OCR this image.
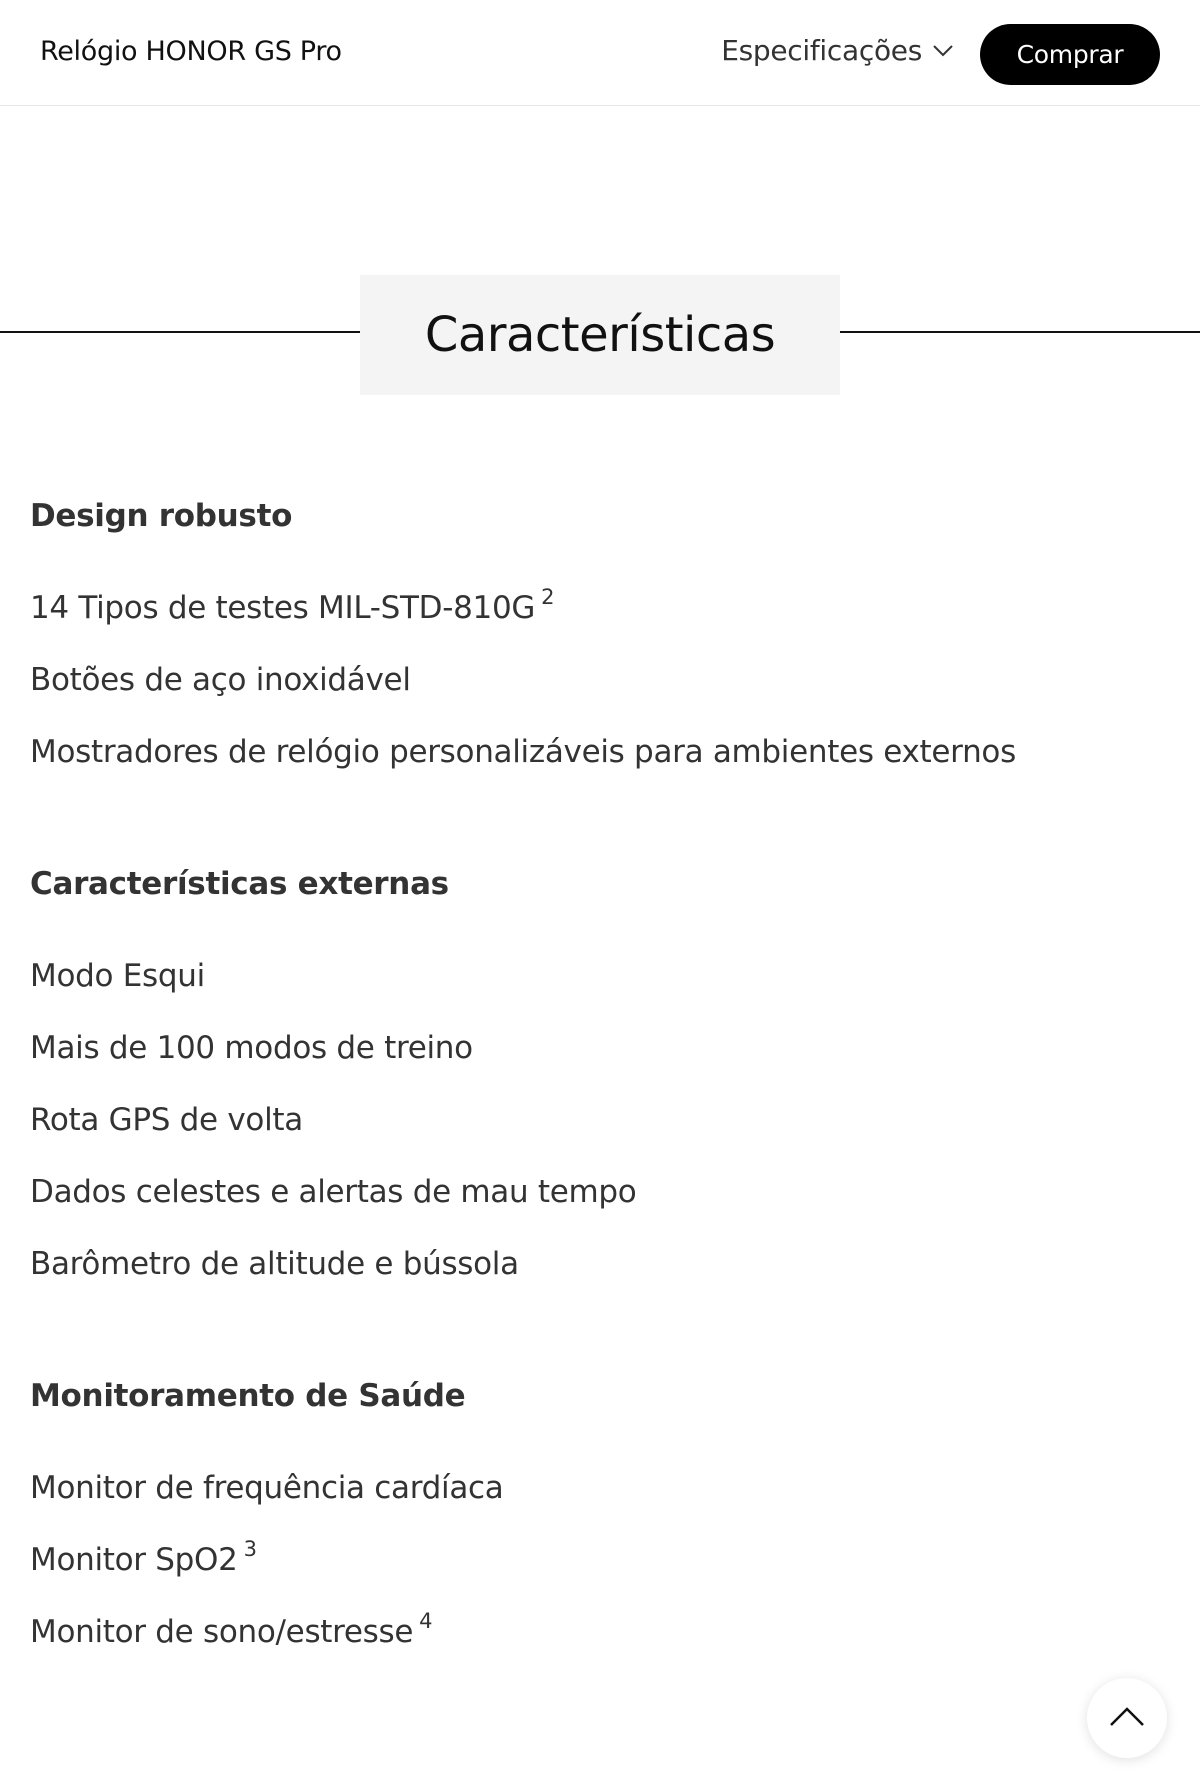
Relógio HONOR GS Pro	Especificações	Comprar
Características
Design robusto
14 Tipos de testes MIL-STD-810G $^2$
Botões de aço inoxidável
Mostradores de relógio personalizáveis para ambientes externos
Características externas
Modo Esqui
Mais de 100 modos de treino
Rota GPS de volta
Dados celestes e alertas de mau tempo
Barômetro de altitude e bússola
Monitoramento de Saúde
Monitor de frequência cardíaca
Monitor SpO2 $^3$
Monitor de sono/estresse $^4$
